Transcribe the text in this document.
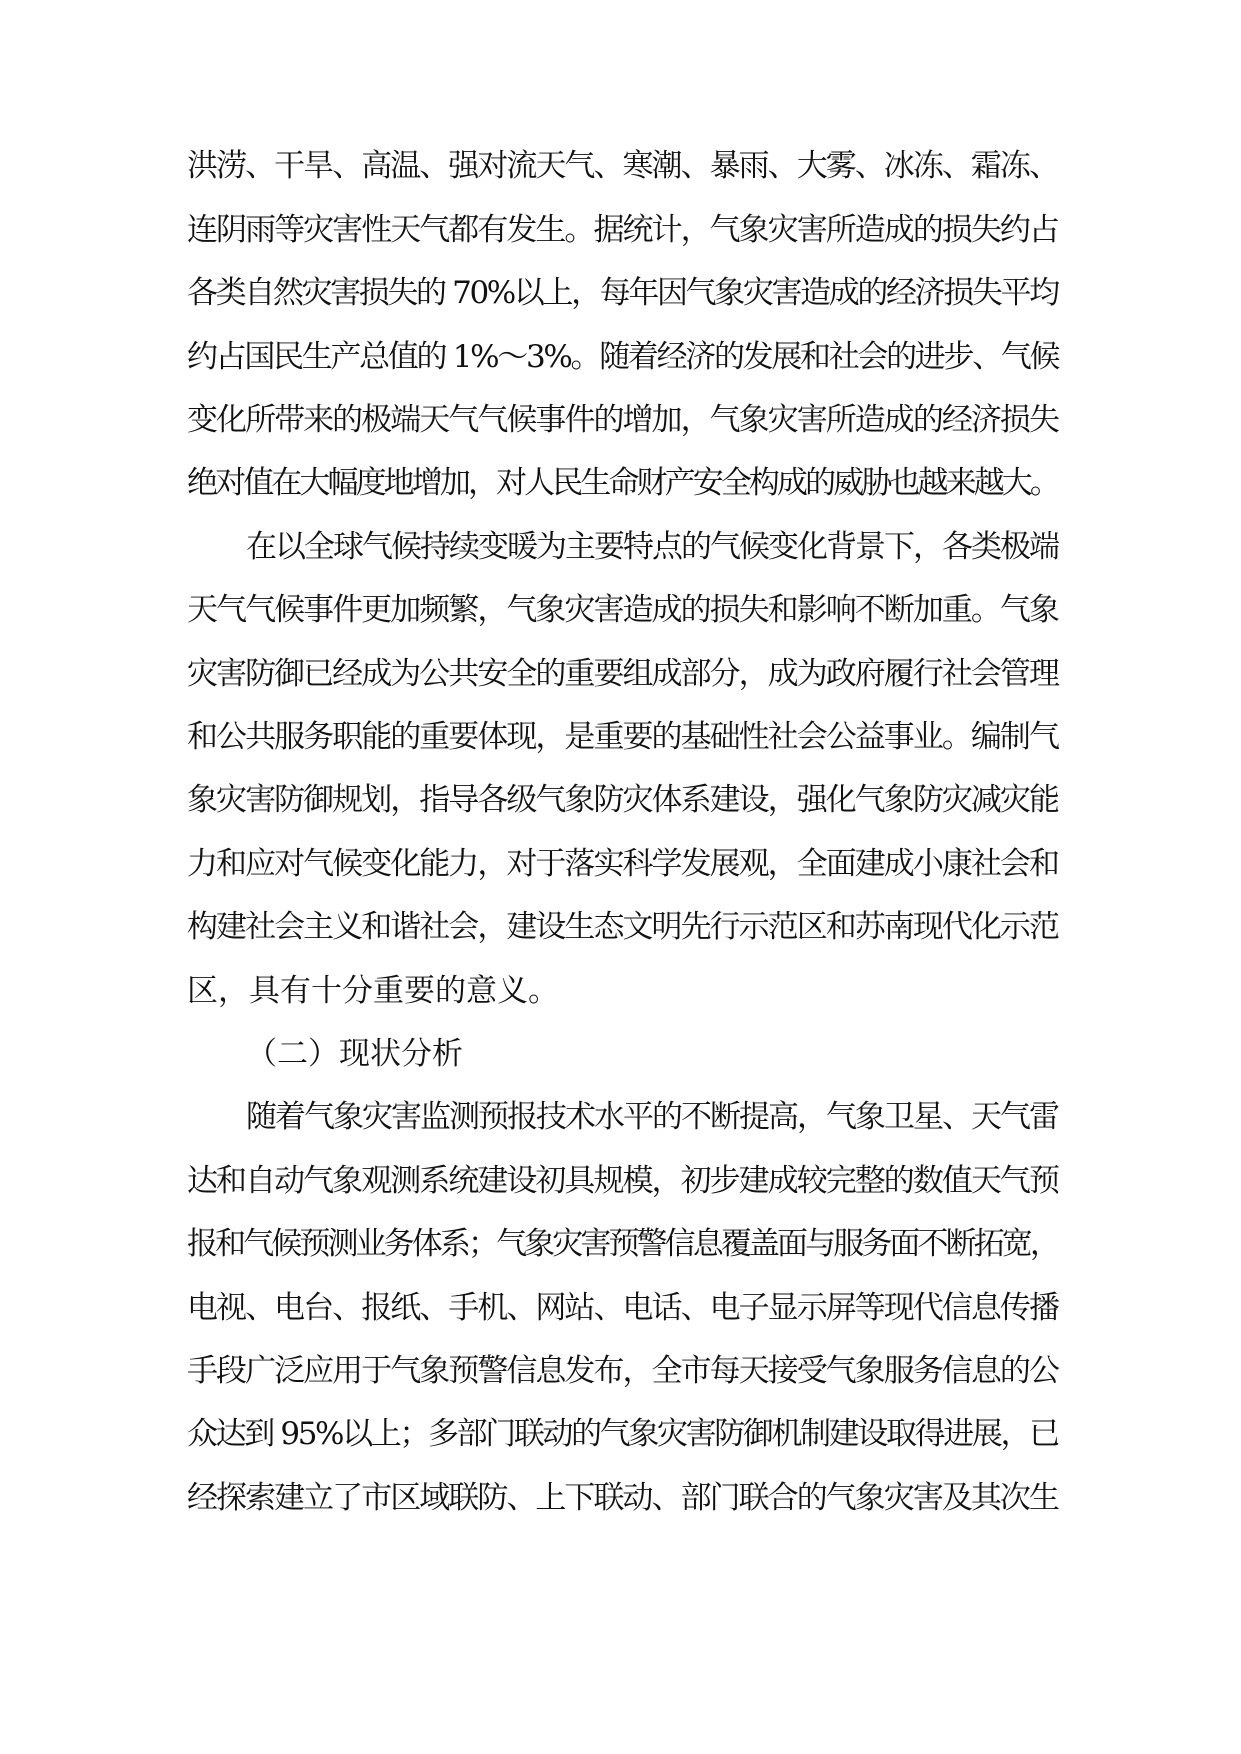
洪涝、干旱、高温、强对流天气、寒潮、暴雨、大雾、冰冻、霜冻、

连阴雨等灾害性天气都有发生。据统计，气象灾害所造成的损失约占

各类自然灾害损失的 70%以上，每年因气象灾害造成的经济损失平均

约占国民生产总值的 1%～3%。随着经济的发展和社会的进步、气候

变化所带来的极端天气气候事件的增加，气象灾害所造成的经济损失

绝对值在大幅度地增加，对人民生命财产安全构成的威胁也越来越大。

在以全球气候持续变暖为主要特点的气候变化背景下，各类极端

天气气候事件更加频繁，气象灾害造成的损失和影响不断加重。气象

灾害防御已经成为公共安全的重要组成部分，成为政府履行社会管理

和公共服务职能的重要体现，是重要的基础性社会公益事业。编制气

象灾害防御规划，指导各级气象防灾体系建设，强化气象防灾减灾能

力和应对气候变化能力，对于落实科学发展观，全面建成小康社会和

构建社会主义和谐社会，建设生态文明先行示范区和苏南现代化示范

区，具有十分重要的意义。

（二）现状分析

随着气象灾害监测预报技术水平的不断提高，气象卫星、天气雷

达和自动气象观测系统建设初具规模，初步建成较完整的数值天气预

报和气候预测业务体系；气象灾害预警信息覆盖面与服务面不断拓宽，

电视、电台、报纸、手机、网站、电话、电子显示屏等现代信息传播

手段广泛应用于气象预警信息发布，全市每天接受气象服务信息的公

众达到 95%以上；多部门联动的气象灾害防御机制建设取得进展，已

经探索建立了市区域联防、上下联动、部门联合的气象灾害及其次生
